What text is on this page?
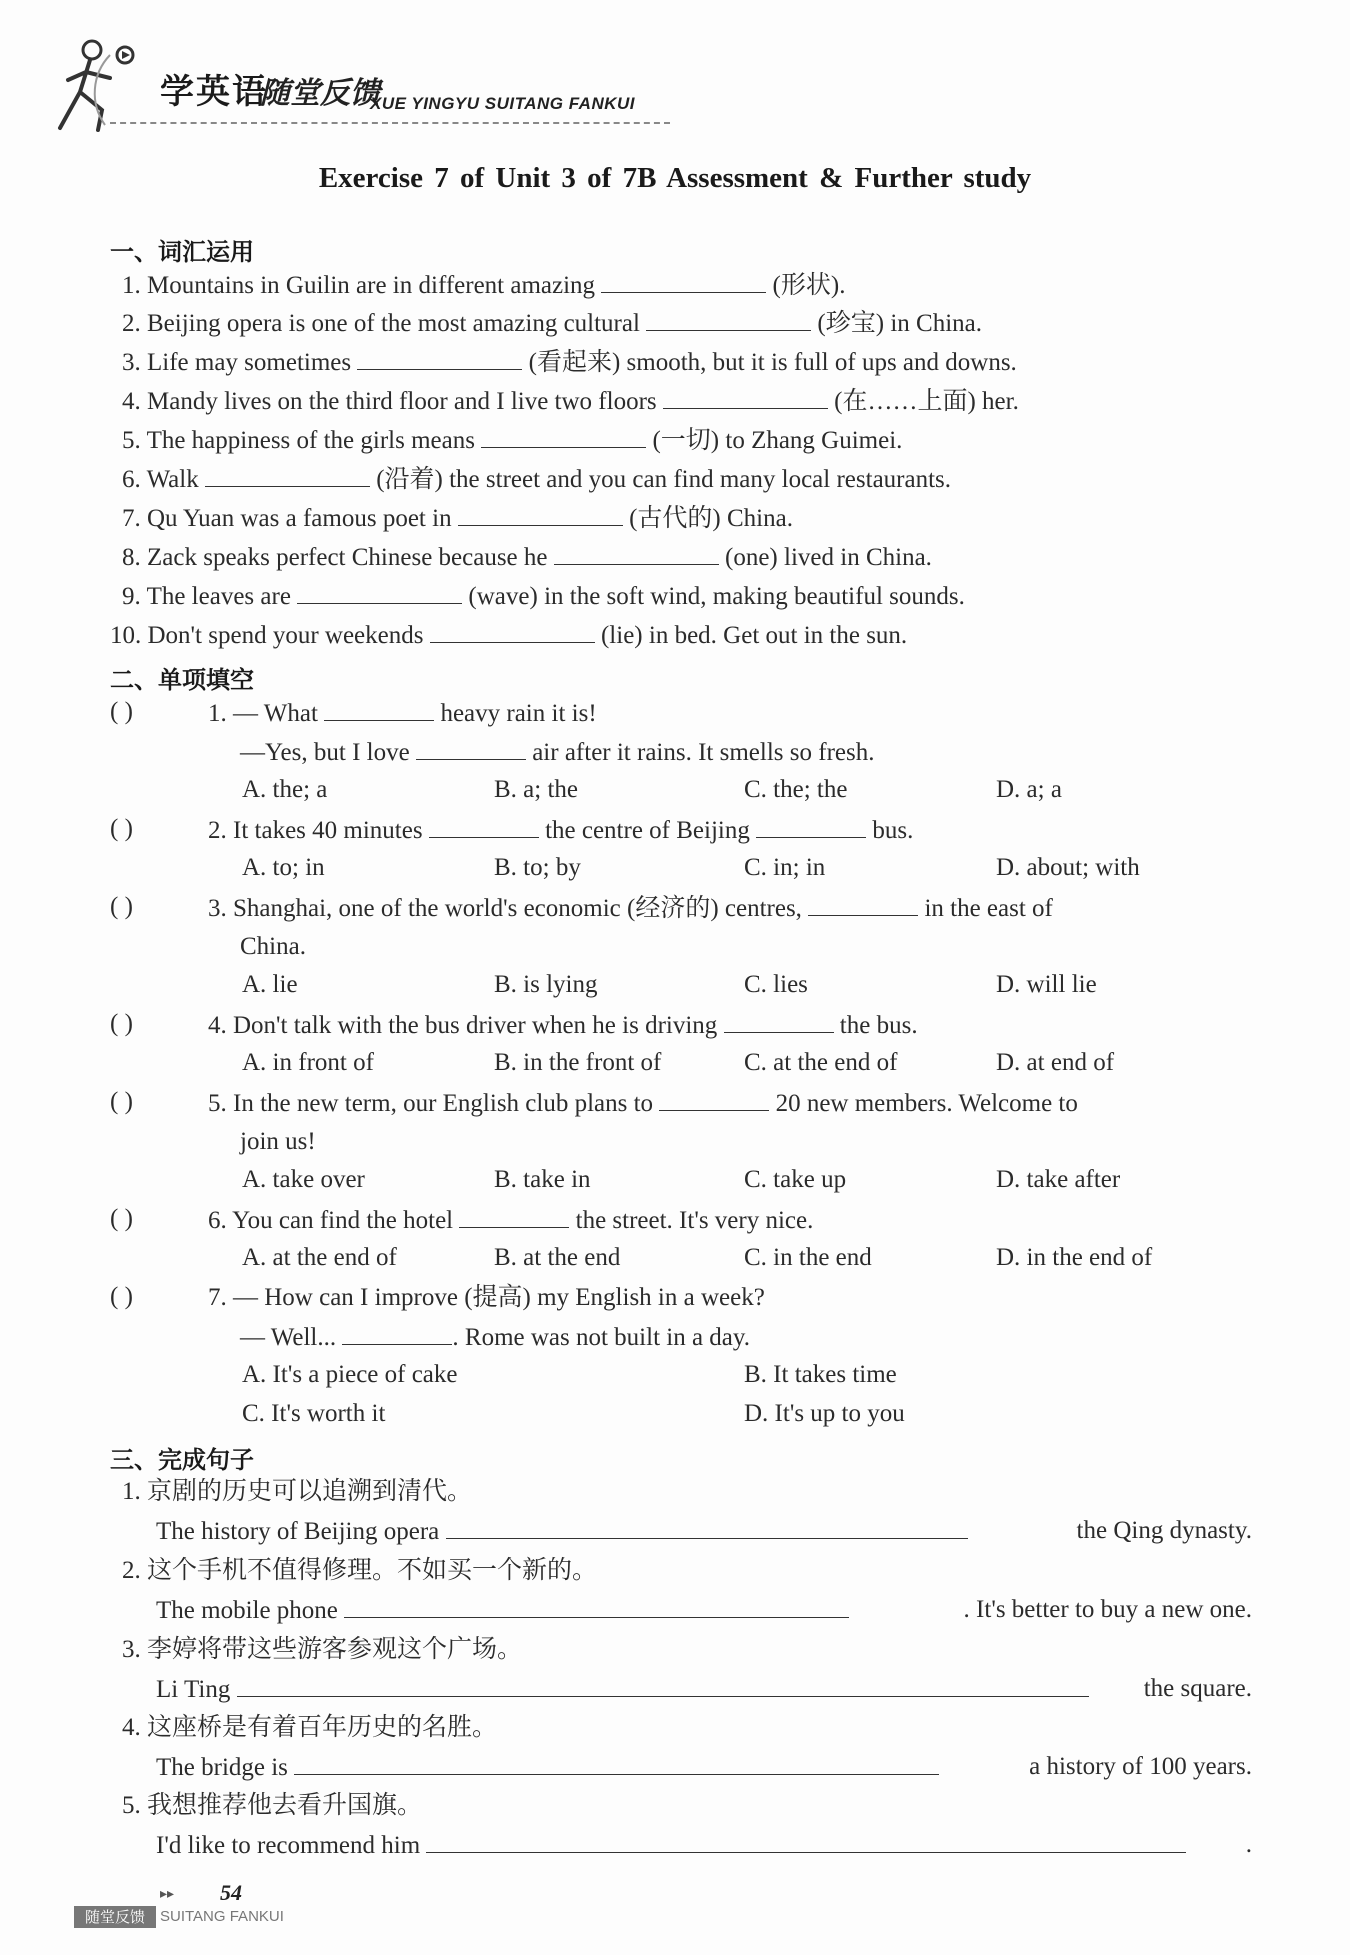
学英语
随堂反馈
XUE YINGYU SUITANG FANKUI
Exercise 7 of Unit 3 of 7B Assessment & Further study
一、词汇运用
1. Mountains in Guilin are in different amazing	(形状).
2. Beijing opera is one of the most amazing cultural	(珍宝) in China.
3. Life may sometimes	(看起来) smooth, but it is full of ups and downs.
4. Mandy lives on the third floor and I live two floors	(在……上面) her.
5. The happiness of the girls means	(一切) to Zhang Guimei.
6. Walk	(沿着) the street and you can find many local restaurants.
7. Qu Yuan was a famous poet in	(古代的) China.
8. Zack speaks perfect Chinese because he	(one) lived in China.
9. The leaves are	(wave) in the soft wind, making beautiful sounds.
10. Don't spend your weekends	(lie) in bed. Get out in the sun.
二、单项填空
( )	1. — What	heavy rain it is!
—Yes, but I love	air after it rains. It smells so fresh.
A. the; a	B. a; the	C. the; the	D. a; a
( )	2. It takes 40 minutes	the centre of Beijing	bus.
A. to; in	B. to; by	C. in; in	D. about; with
( )	3. Shanghai, one of the world's economic (经济的) centres,	in the east of
China.
A. lie	B. is lying	C. lies	D. will lie
( )	4. Don't talk with the bus driver when he is driving	the bus.
A. in front of	B. in the front of	C. at the end of	D. at end of
( )	5. In the new term, our English club plans to	20 new members. Welcome to
join us!
A. take over	B. take in	C. take up	D. take after
( )	6. You can find the hotel	the street. It's very nice.
A. at the end of	B. at the end	C. in the end	D. in the end of
( )	7. — How can I improve (提高) my English in a week?
— Well...	. Rome was not built in a day.
A. It's a piece of cake	B. It takes time
C. It's worth it	D. It's up to you
三、完成句子
1. 京剧的历史可以追溯到清代。
The history of Beijing opera	the Qing dynasty.
2. 这个手机不值得修理。不如买一个新的。
The mobile phone	. It's better to buy a new one.
3. 李婷将带这些游客参观这个广场。
Li Ting	the square.
4. 这座桥是有着百年历史的名胜。
The bridge is	a history of 100 years.
5. 我想推荐他去看升国旗。
I'd like to recommend him	.
▸▸ 54
随堂反馈	SUITANG FANKUI
